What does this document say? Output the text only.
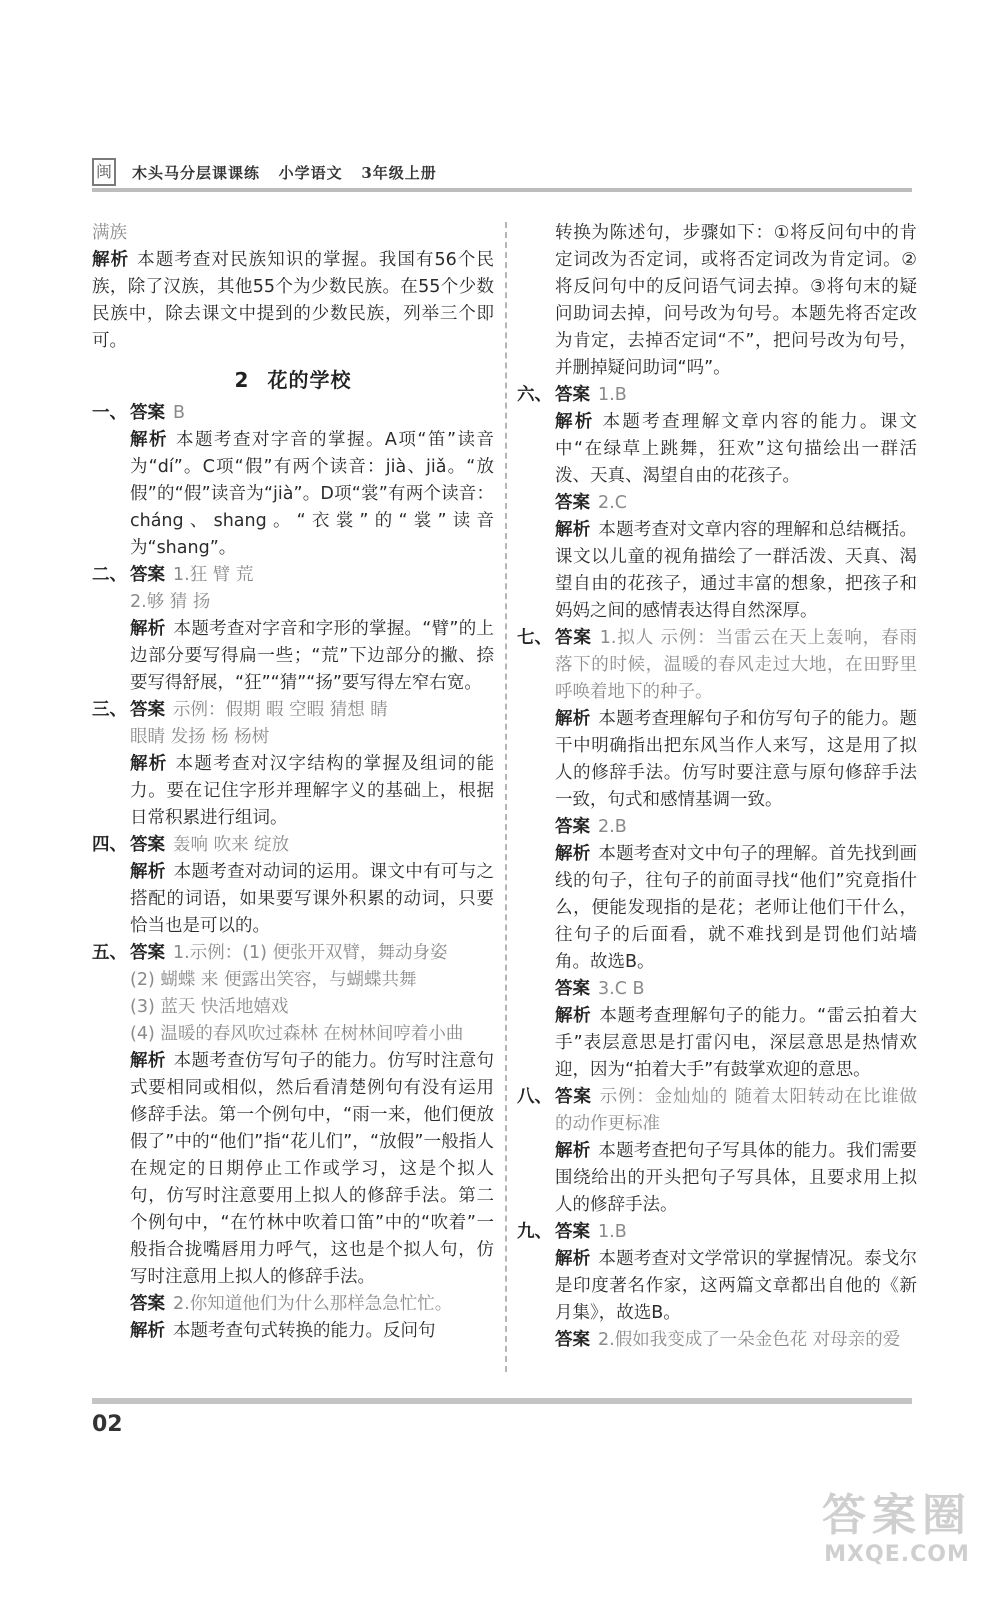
闽 木头马分层课课练   小学语文   3年级上册

满族

解析 本题考查对民族知识的掌握。我国有56个民族，除了汉族，其他55个为少数民族。在55个少数民族中，除去课文中提到的少数民族，列举三个即可。

2 花的学校

一、 答案 B

解析 本题考查对字音的掌握。A项“笛”读音为“dí”。C项“假”有两个读音：jià、jiǎ。“放假”的“假”读音为“jià”。D项“裳”有两个读音：cháng、shang。“衣裳”的“裳”读音为“shang”。

二、 答案 1.狂 臂 荒

2.够 猜 扬

解析 本题考查对字音和字形的掌握。“臂”的上边部分要写得扁一些；“荒”下边部分的撇、捺要写得舒展，“狂”“猜”“扬”要写得左窄右宽。

三、 答案 示例：假期 暇 空暇 猜想 睛

眼睛 发扬 杨 杨树

解析 本题考查对汉字结构的掌握及组词的能力。要在记住字形并理解字义的基础上，根据日常积累进行组词。

四、 答案 轰响 吹来 绽放

解析 本题考查对动词的运用。课文中有可与之搭配的词语，如果要写课外积累的动词，只要恰当也是可以的。

五、 答案 1.示例：(1) 便张开双臂，舞动身姿

(2) 蝴蝶 来 便露出笑容，与蝴蝶共舞

(3) 蓝天 快活地嬉戏

(4) 温暖的春风吹过森林 在树林间哼着小曲

解析 本题考查仿写句子的能力。仿写时注意句式要相同或相似，然后看清楚例句有没有运用修辞手法。第一个例句中，“雨一来，他们便放假了”中的“他们”指“花儿们”，“放假”一般指人在规定的日期停止工作或学习，这是个拟人句，仿写时注意要用上拟人的修辞手法。第二个例句中，“在竹林中吹着口笛”中的“吹着”一般指合拢嘴唇用力呼气，这也是个拟人句，仿写时注意用上拟人的修辞手法。

答案 2.你知道他们为什么那样急急忙忙。

解析 本题考查句式转换的能力。反问句

转换为陈述句，步骤如下：①将反问句中的肯定词改为否定词，或将否定词改为肯定词。②将反问句中的反问语气词去掉。③将句末的疑问助词去掉，问号改为句号。本题先将否定改为肯定，去掉否定词“不”，把问号改为句号，并删掉疑问助词“吗”。

六、 答案 1.B

解析 本题考查理解文章内容的能力。课文中“在绿草上跳舞，狂欢”这句描绘出一群活泼、天真、渴望自由的花孩子。

答案 2.C

解析 本题考查对文章内容的理解和总结概括。课文以儿童的视角描绘了一群活泼、天真、渴望自由的花孩子，通过丰富的想象，把孩子和妈妈之间的感情表达得自然深厚。

七、 答案 1.拟人 示例：当雷云在天上轰响，春雨落下的时候，温暖的春风走过大地，在田野里呼唤着地下的种子。

解析 本题考查理解句子和仿写句子的能力。题干中明确指出把东风当作人来写，这是用了拟人的修辞手法。仿写时要注意与原句修辞手法一致，句式和感情基调一致。

答案 2.B

解析 本题考查对文中句子的理解。首先找到画线的句子，往句子的前面寻找“他们”究竟指什么，便能发现指的是花；老师让他们干什么，往句子的后面看，就不难找到是罚他们站墙角。故选B。

答案 3.C B

解析 本题考查理解句子的能力。“雷云拍着大手”表层意思是打雷闪电，深层意思是热情欢迎，因为“拍着大手”有鼓掌欢迎的意思。

八、 答案 示例：金灿灿的 随着太阳转动在比谁做的动作更标准

解析 本题考查把句子写具体的能力。我们需要围绕给出的开头把句子写具体，且要求用上拟人的修辞手法。

九、 答案 1.B

解析 本题考查对文学常识的掌握情况。泰戈尔是印度著名作家，这两篇文章都出自他的《新月集》，故选B。

答案 2.假如我变成了一朵金色花 对母亲的爱

02
答案圈
MXQE.COM
